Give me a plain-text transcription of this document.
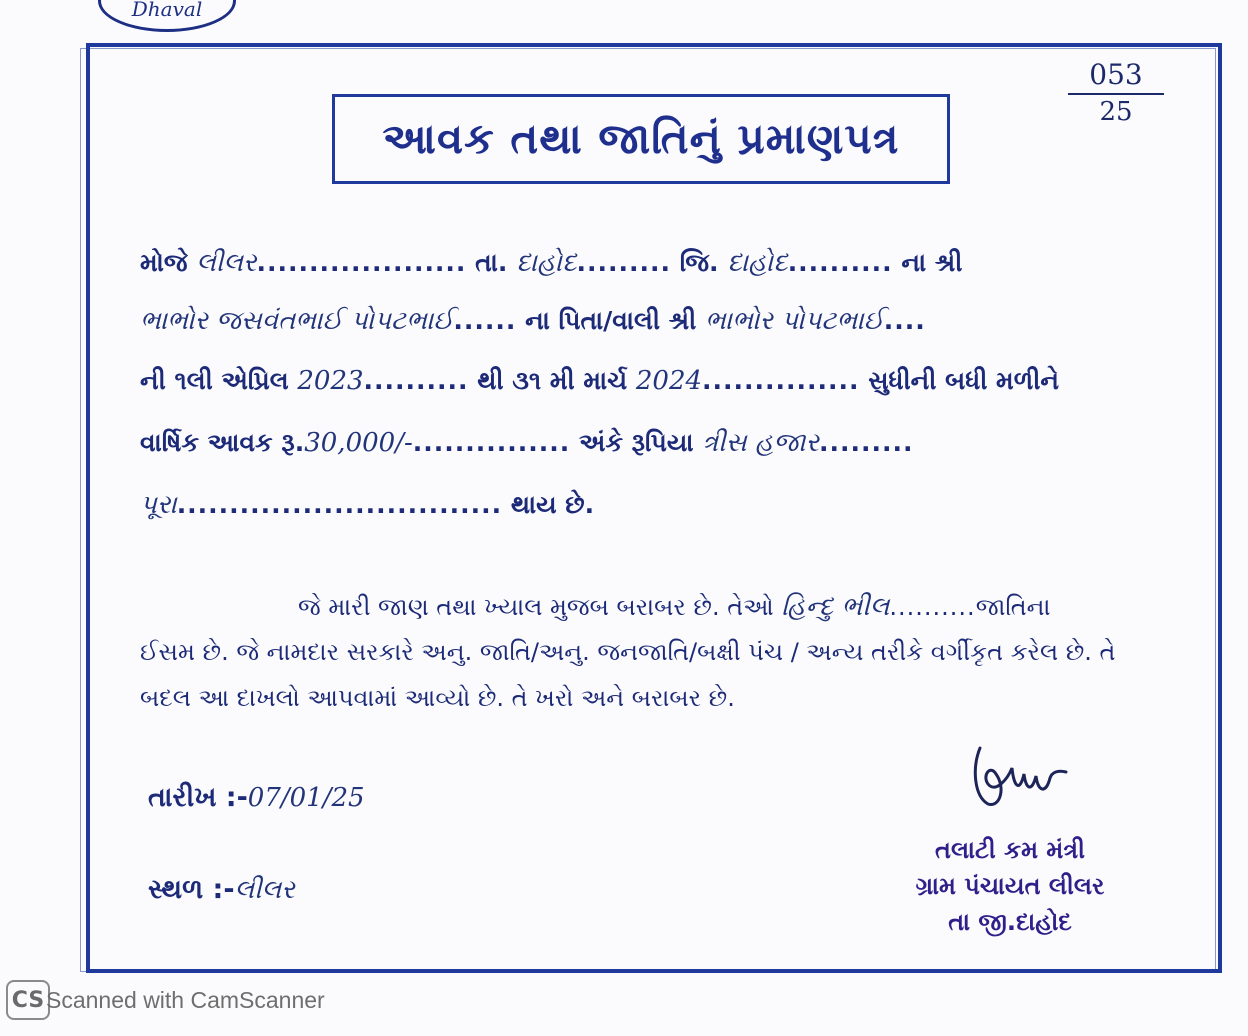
Dhaval
$\frac{053}{25}$
આવક તથા જાતિનું પ્રમાણપત્ર
મોજે લીલર.................... તા. દાહોદ......... જિ. દાહોદ.......... ના શ્રી
ભાભોર જસવંતભાઈ પોપટભાઈ...... ના પિતા/વાલી શ્રી ભાભોર પોપટભાઈ....
ની ૧લી એપ્રિલ 2023.......... થી ૩૧ મી માર્ચ 2024............... સુધીની બધી મળીને
વાર્ષિક આવક રૂ.30,000/-............... અંકે રૂપિયા ત્રીસ હજાર.........
પૂરા............................... થાય છે.
જે મારી જાણ તથા ખ્યાલ મુજબ બરાબર છે. તેઓ હિન્દુ ભીલ..........જાતિના
ઈસમ છે. જે નામદાર સરકારે અનુ. જાતિ/અનુ. જનજાતિ/બક્ષી પંચ / અન્ય તરીકે વર્ગીકૃત કરેલ છે. તે
બદલ આ દાખલો આપવામાં આવ્યો છે. તે ખરો અને બરાબર છે.
તલાટી કમ મંત્રી
ગ્રામ પંચાયત લીલર
તા જી.દાહોદ
તારીખ :-07/01/25
સ્થળ :-લીલર
CS Scanned with CamScanner
